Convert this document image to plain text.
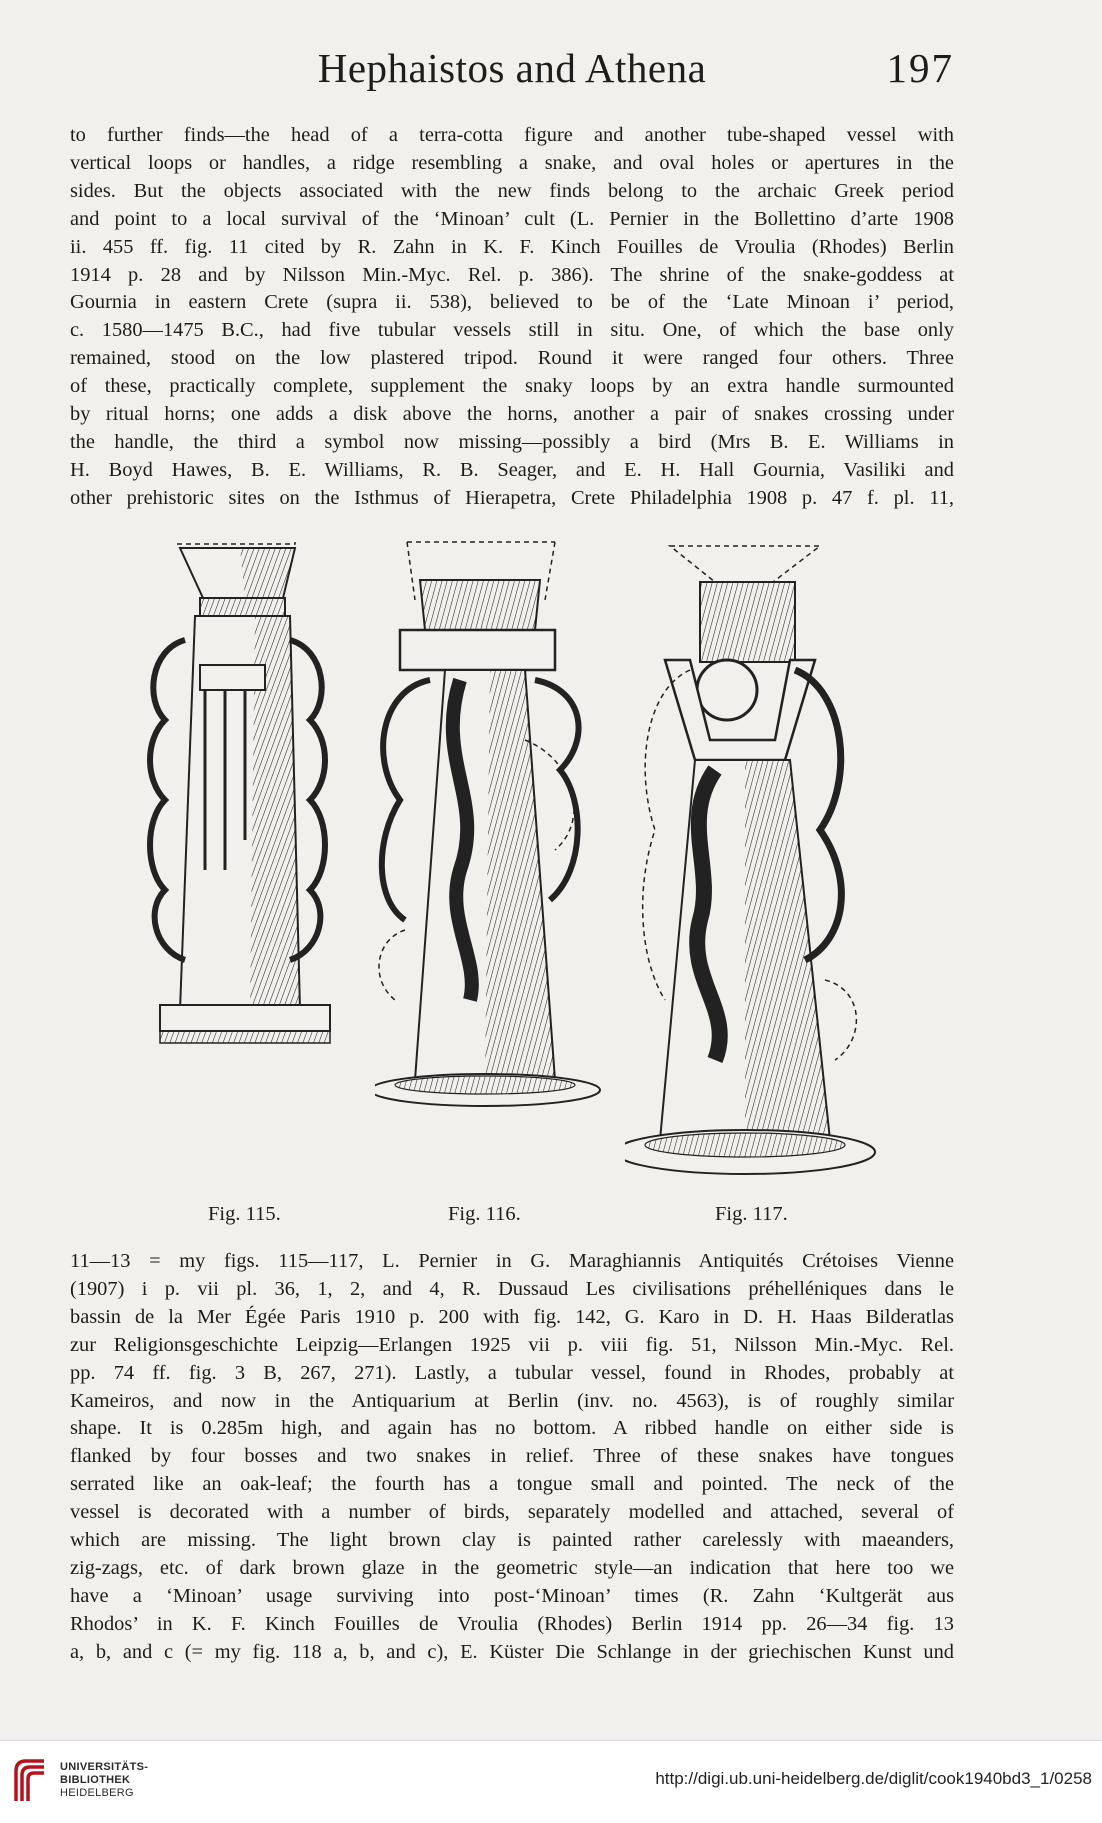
Hephaistos and Athena	197
to further finds—the head of a terra-cotta figure and another tube-shaped vessel with
vertical loops or handles, a ridge resembling a snake, and oval holes or apertures in the
sides. But the objects associated with the new finds belong to the archaic Greek period
and point to a local survival of the ‘Minoan’ cult (L. Pernier in the Bollettino d’arte 1908
ii. 455 ff. fig. 11 cited by R. Zahn in K. F. Kinch Fouilles de Vroulia (Rhodes) Berlin
1914 p. 28 and by Nilsson Min.-Myc. Rel. p. 386). The shrine of the snake-goddess at
Gournia in eastern Crete (supra ii. 538), believed to be of the ‘Late Minoan i’ period,
c. 1580—1475 B.C., had five tubular vessels still in situ. One, of which the base only
remained, stood on the low plastered tripod. Round it were ranged four others. Three
of these, practically complete, supplement the snaky loops by an extra handle surmounted
by ritual horns; one adds a disk above the horns, another a pair of snakes crossing under
the handle, the third a symbol now missing—possibly a bird (Mrs B. E. Williams in
H. Boyd Hawes, B. E. Williams, R. B. Seager, and E. H. Hall Gournia, Vasiliki and
other prehistoric sites on the Isthmus of Hierapetra, Crete Philadelphia 1908 p. 47 f. pl. 11,
Fig. 115.	Fig. 116.	Fig. 117.
11—13 = my figs. 115—117, L. Pernier in G. Maraghiannis Antiquités Crétoises Vienne
(1907) i p. vii pl. 36, 1, 2, and 4, R. Dussaud Les civilisations préhelléniques dans le
bassin de la Mer Égée Paris 1910 p. 200 with fig. 142, G. Karo in D. H. Haas Bilderatlas
zur Religionsgeschichte Leipzig—Erlangen 1925 vii p. viii fig. 51, Nilsson Min.-Myc. Rel.
pp. 74 ff. fig. 3 B, 267, 271). Lastly, a tubular vessel, found in Rhodes, probably at
Kameiros, and now in the Antiquarium at Berlin (inv. no. 4563), is of roughly similar
shape. It is 0.285m high, and again has no bottom. A ribbed handle on either side is
flanked by four bosses and two snakes in relief. Three of these snakes have tongues
serrated like an oak-leaf; the fourth has a tongue small and pointed. The neck of the
vessel is decorated with a number of birds, separately modelled and attached, several of
which are missing. The light brown clay is painted rather carelessly with maeanders,
zig-zags, etc. of dark brown glaze in the geometric style—an indication that here too we
have a ‘Minoan’ usage surviving into post-‘Minoan’ times (R. Zahn ‘Kultgerät aus
Rhodos’ in K. F. Kinch Fouilles de Vroulia (Rhodes) Berlin 1914 pp. 26—34 fig. 13
a, b, and c (= my fig. 118 a, b, and c), E. Küster Die Schlange in der griechischen Kunst und
UNIVERSITÄTS-
BIBLIOTHEK
HEIDELBERG
http://digi.ub.uni-heidelberg.de/diglit/cook1940bd3_1/0258
